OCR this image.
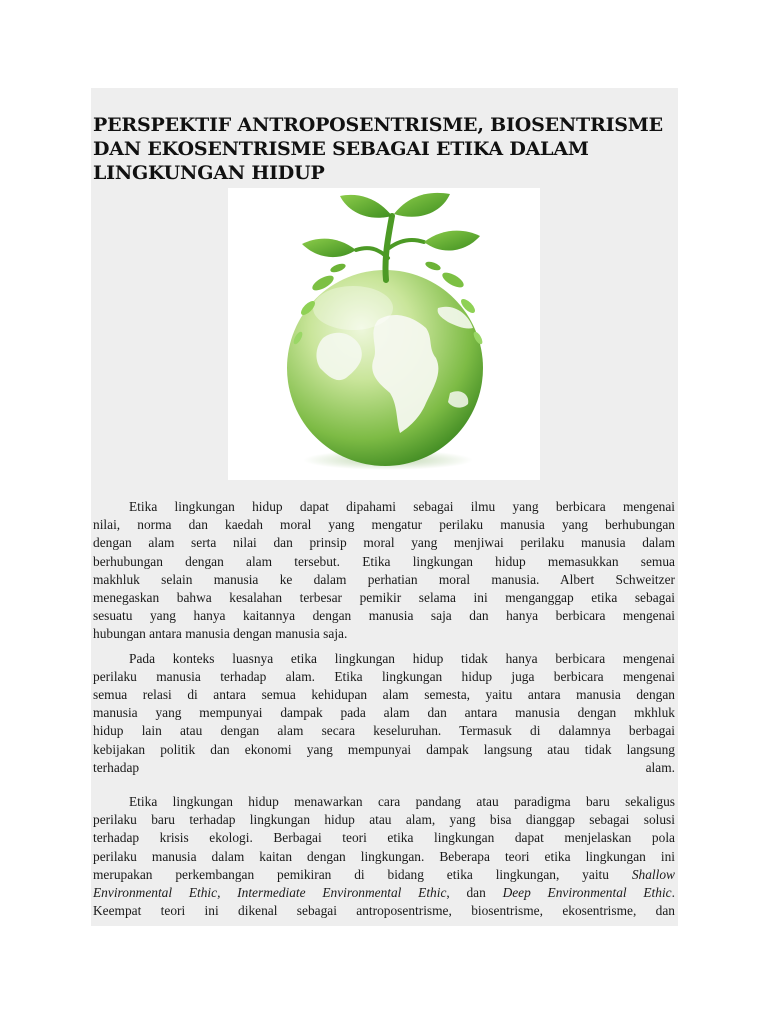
PERSPEKTIF ANTROPOSENTRISME, BIOSENTRISME
DAN EKOSENTRISME SEBAGAI ETIKA DALAM
LINGKUNGAN HIDUP
Etika lingkungan hidup dapat dipahami sebagai ilmu yang berbicara mengenai
nilai, norma dan kaedah moral yang mengatur perilaku manusia yang berhubungan
dengan alam serta nilai dan prinsip moral yang menjiwai perilaku manusia dalam
berhubungan dengan alam tersebut. Etika lingkungan hidup memasukkan semua
makhluk selain manusia ke dalam perhatian moral manusia. Albert Schweitzer
menegaskan bahwa kesalahan terbesar pemikir selama ini menganggap etika sebagai
sesuatu yang hanya kaitannya dengan manusia saja dan hanya berbicara mengenai
hubungan antara manusia dengan manusia saja.
Pada konteks luasnya etika lingkungan hidup tidak hanya berbicara mengenai
perilaku manusia terhadap alam. Etika lingkungan hidup juga berbicara mengenai
semua relasi di antara semua kehidupan alam semesta, yaitu antara manusia dengan
manusia yang mempunyai dampak pada alam dan antara manusia dengan mkhluk
hidup lain atau dengan alam secara keseluruhan. Termasuk di dalamnya berbagai
kebijakan politik dan ekonomi yang mempunyai dampak langsung atau tidak langsung
terhadap alam.
Etika lingkungan hidup menawarkan cara pandang atau paradigma baru sekaligus
perilaku baru terhadap lingkungan hidup atau alam, yang bisa dianggap sebagai solusi
terhadap krisis ekologi. Berbagai teori etika lingkungan dapat menjelaskan pola
perilaku manusia dalam kaitan dengan lingkungan. Beberapa teori etika lingkungan ini
merupakan perkembangan pemikiran di bidang etika lingkungan, yaitu Shallow
Environmental Ethic, Intermediate Environmental Ethic, dan Deep Environmental Ethic.
Keempat teori ini dikenal sebagai antroposentrisme, biosentrisme, ekosentrisme, dan
